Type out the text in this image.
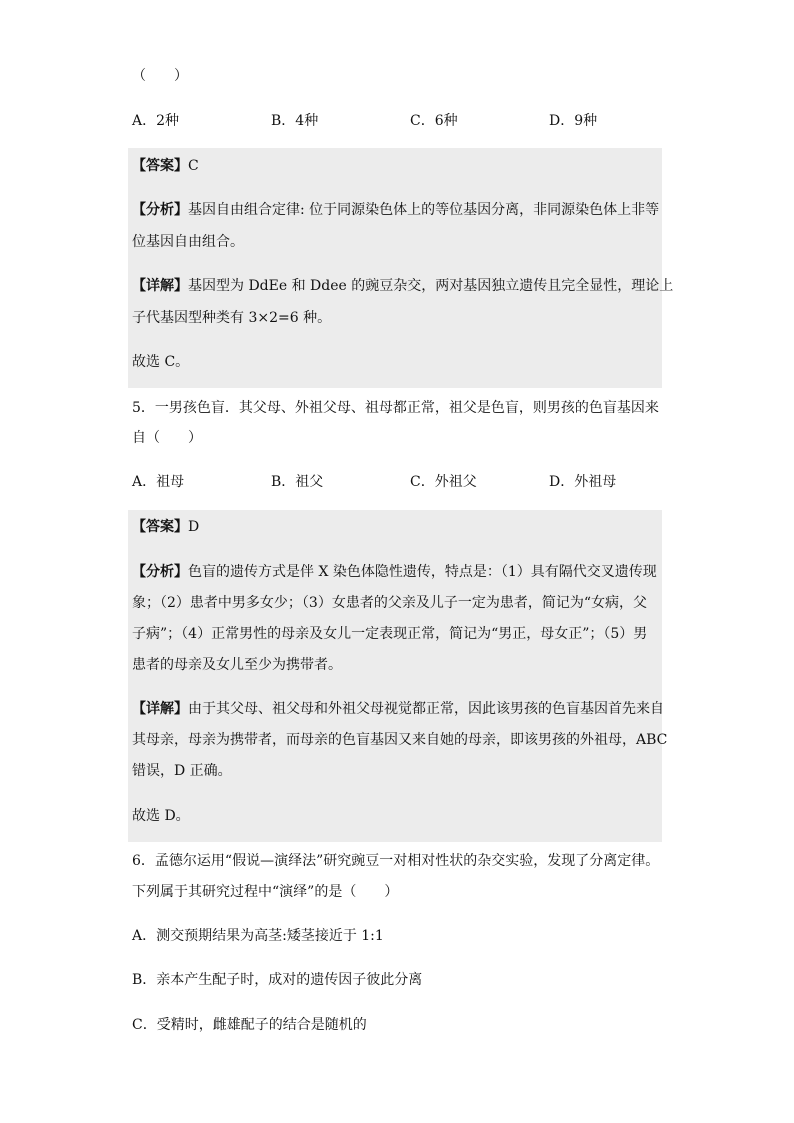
（　　）
A．2种	B．4种	C．6种	D．9种
【答案】C
【分析】基因自由组合定律: 位于同源染色体上的等位基因分离，非同源染色体上非等
位基因自由组合。
【详解】基因型为 DdEe 和 Ddee 的豌豆杂交，两对基因独立遗传且完全显性，理论上
子代基因型种类有 3×2=6 种。
故选 C。
5．一男孩色盲．其父母、外祖父母、祖母都正常，祖父是色盲，则男孩的色盲基因来
自（　　）
A．祖母	B．祖父	C．外祖父	D．外祖母
【答案】D
【分析】色盲的遗传方式是伴 X 染色体隐性遗传，特点是：（1）具有隔代交叉遗传现
象；（2）患者中男多女少；（3）女患者的父亲及儿子一定为患者，简记为“女病，父
子病”；（4）正常男性的母亲及女儿一定表现正常，简记为“男正，母女正”；（5）男
患者的母亲及女儿至少为携带者。
【详解】由于其父母、祖父母和外祖父母视觉都正常，因此该男孩的色盲基因首先来自
其母亲，母亲为携带者，而母亲的色盲基因又来自她的母亲，即该男孩的外祖母，ABC
错误，D 正确。
故选 D。
6．孟德尔运用“假说—演绎法”研究豌豆一对相对性状的杂交实验，发现了分离定律。
下列属于其研究过程中“演绎”的是（　　）
A．测交预期结果为高茎:矮茎接近于 1:1
B．亲本产生配子时，成对的遗传因子彼此分离
C．受精时，雌雄配子的结合是随机的
